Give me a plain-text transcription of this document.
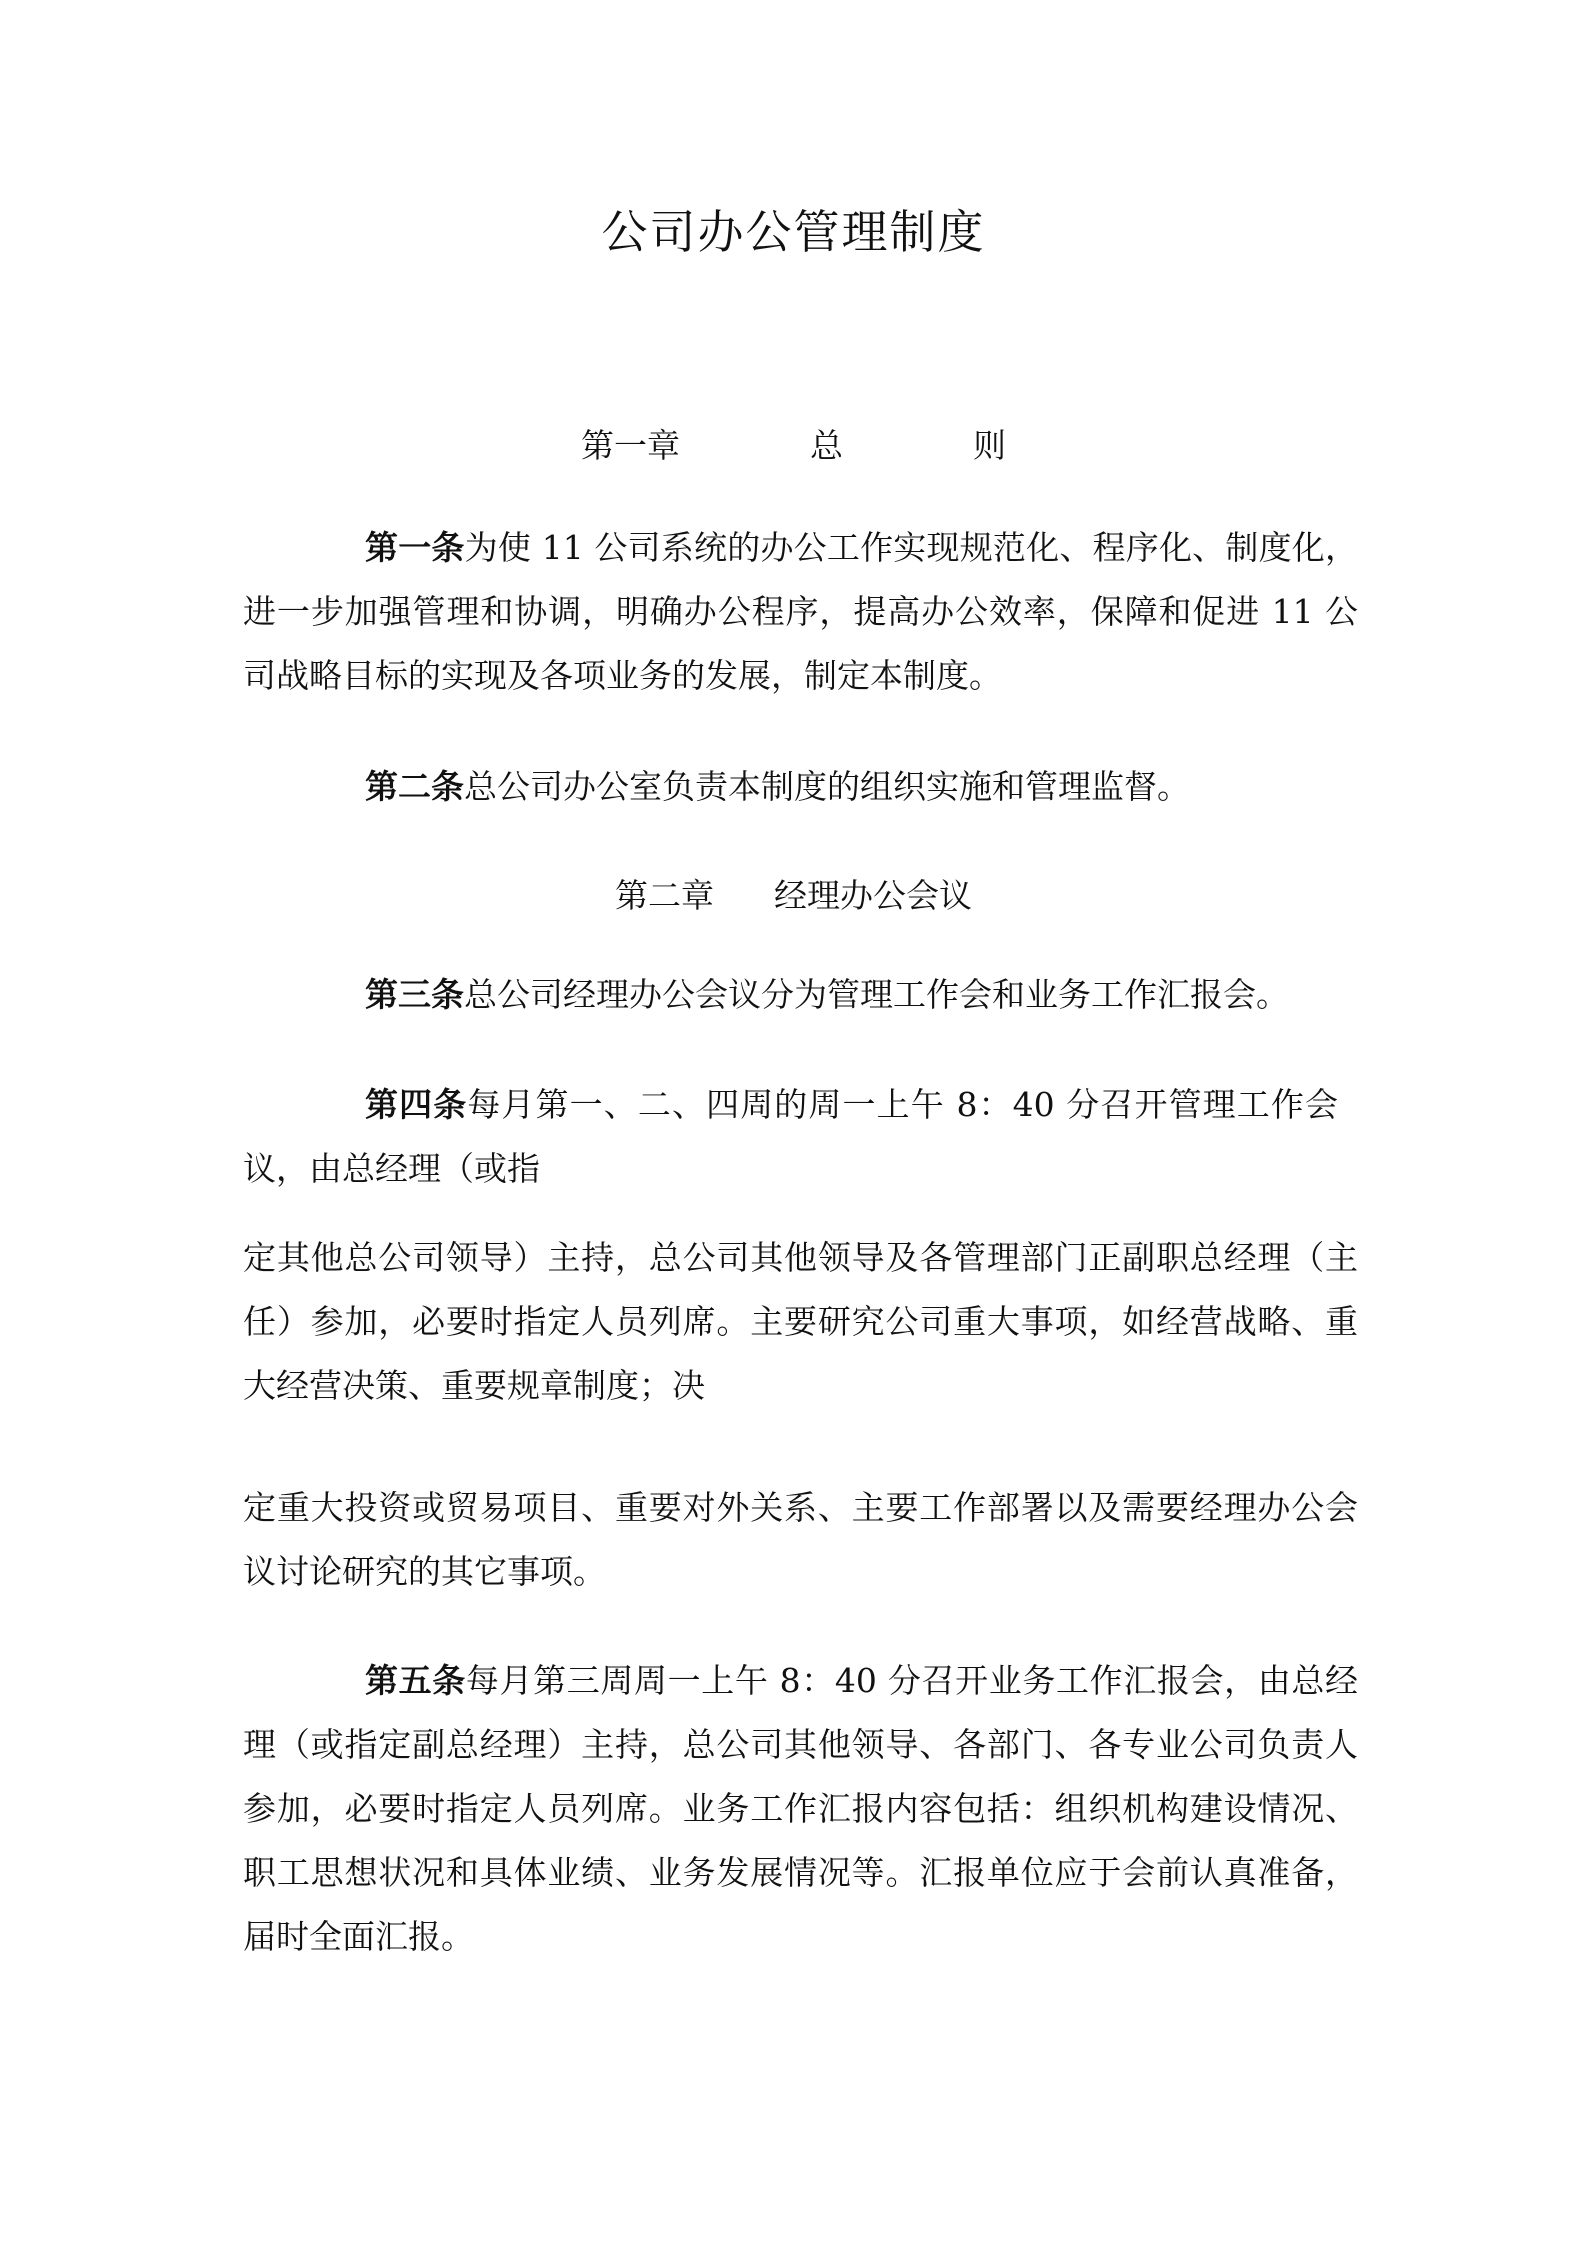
公司办公管理制度
第一章	总	则

第一条为使 11 公司系统的办公工作实现规范化、程序化、制度化，进一步加强管理和协调，明确办公程序，提高办公效率，保障和促进 11 公司战略目标的实现及各项业务的发展，制定本制度。

第二条总公司办公室负责本制度的组织实施和管理监督。

第二章 经理办公会议

第三条总公司经理办公会议分为管理工作会和业务工作汇报会。

第四条每月第一、二、四周的周一上午 8：40 分召开管理工作会议，由总经理（或指

定其他总公司领导）主持，总公司其他领导及各管理部门正副职总经理（主任）参加，必要时指定人员列席。主要研究公司重大事项，如经营战略、重大经营决策、重要规章制度；决

定重大投资或贸易项目、重要对外关系、主要工作部署以及需要经理办公会议讨论研究的其它事项。

第五条每月第三周周一上午 8：40 分召开业务工作汇报会，由总经理（或指定副总经理）主持，总公司其他领导、各部门、各专业公司负责人参加，必要时指定人员列席。业务工作汇报内容包括：组织机构建设情况、职工思想状况和具体业绩、业务发展情况等。汇报单位应于会前认真准备，届时全面汇报。
